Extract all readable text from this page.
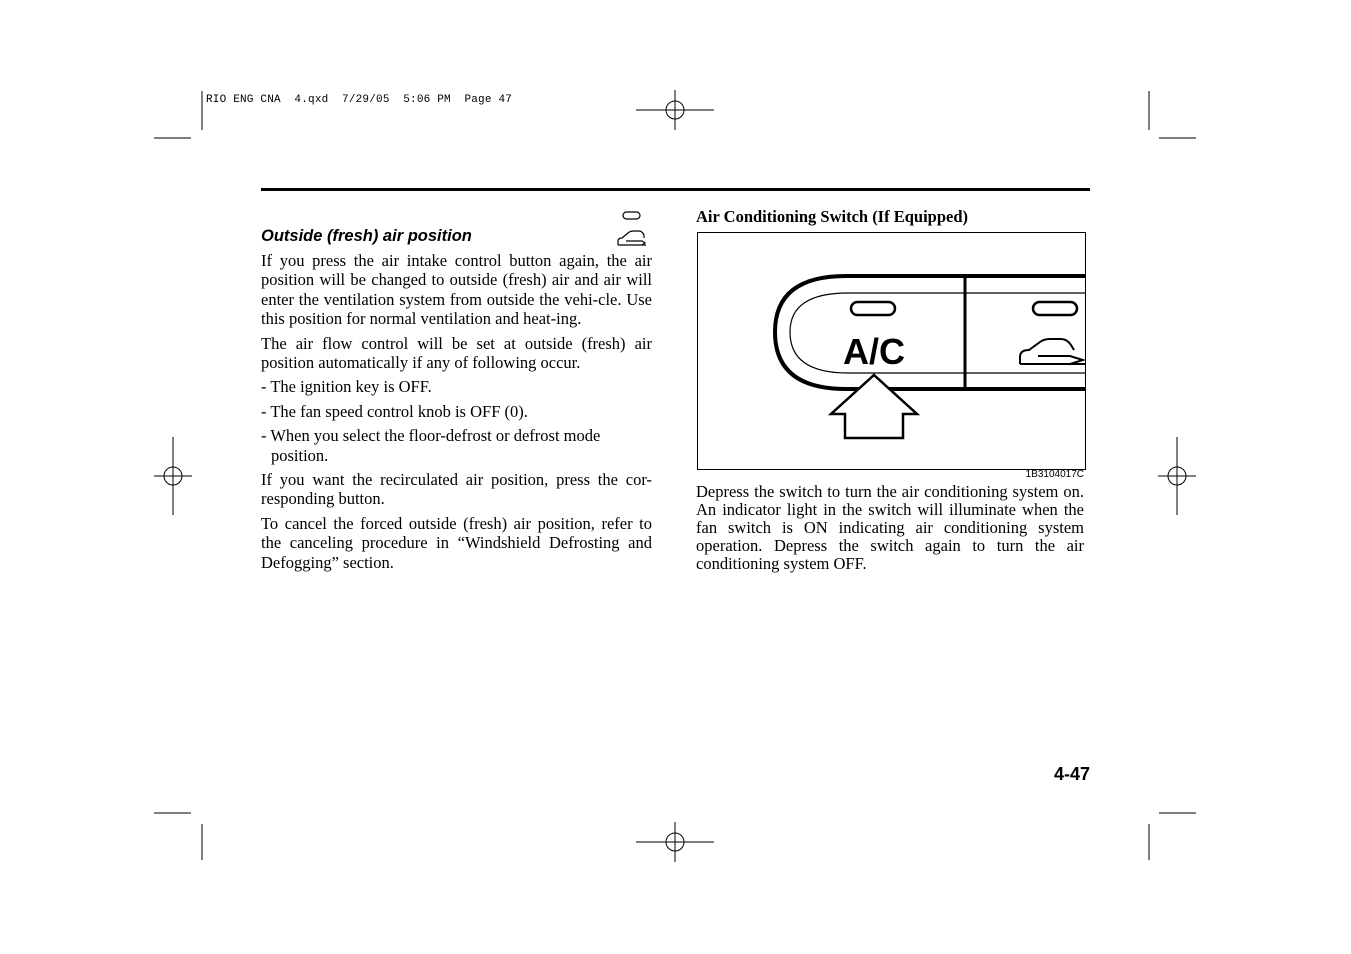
RIO ENG CNA  4.qxd  7/29/05  5:06 PM  Page 47
Outside (fresh) air position

If you press the air intake control button again, the air position will be changed to outside (fresh) air and air will enter the ventilation system from outside the vehi-cle. Use this position for normal ventilation and heat-ing.

The air flow control will be set at outside (fresh) air position automatically if any of following occur.

- The ignition key is OFF.

- The fan speed control knob is OFF (0).

- When you select the floor-defrost or defrost mode position.

If you want the recirculated air position, press the cor-responding button.

To cancel the forced outside (fresh) air position, refer to the canceling procedure in “Windshield Defrosting and Defogging” section.

Air Conditioning Switch (If Equipped)
A/C
1B3104017C

Depress the switch to turn the air conditioning system on. An indicator light in the switch will illuminate when the fan switch is ON indicating air conditioning system operation. Depress the switch again to turn the air conditioning system OFF.

4-47
